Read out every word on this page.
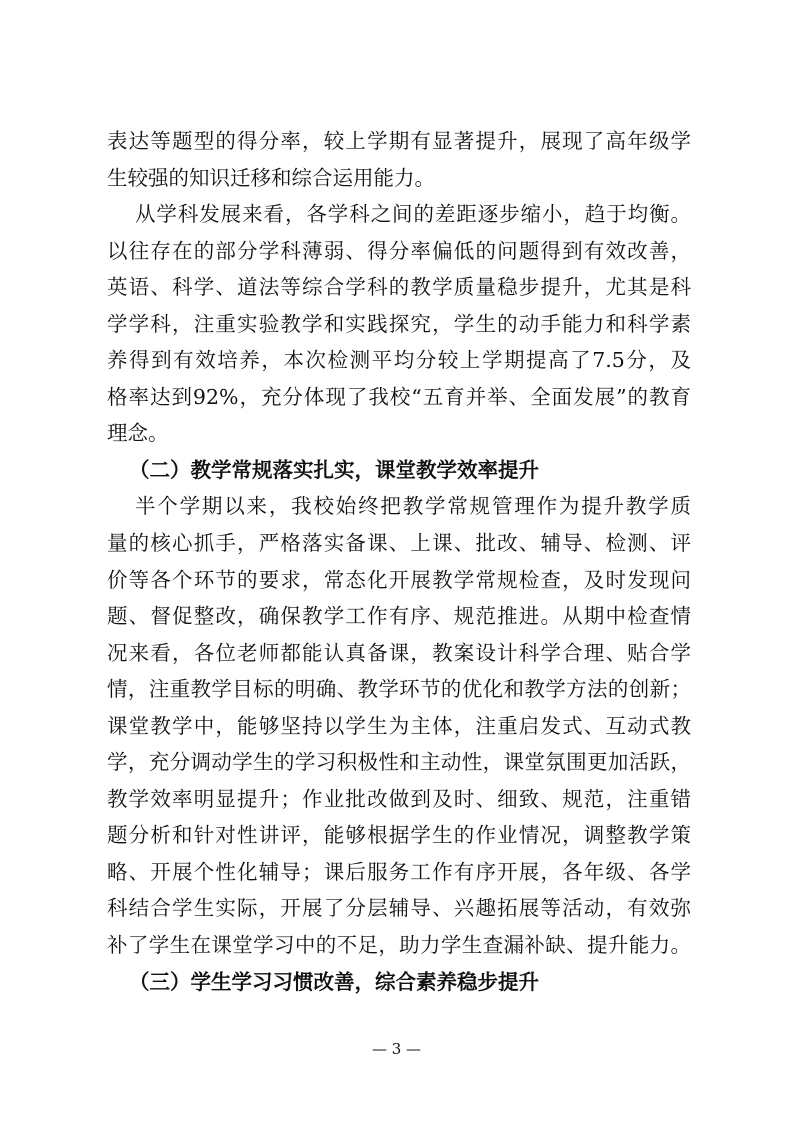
表达等题型的得分率，较上学期有显著提升，展现了高年级学
生较强的知识迁移和综合运用能力。
从学科发展来看，各学科之间的差距逐步缩小，趋于均衡。
以往存在的部分学科薄弱、得分率偏低的问题得到有效改善，
英语、科学、道法等综合学科的教学质量稳步提升，尤其是科
学学科，注重实验教学和实践探究，学生的动手能力和科学素
养得到有效培养，本次检测平均分较上学期提高了7.5分，及
格率达到92%，充分体现了我校“五育并举、全面发展”的教育
理念。
（二）教学常规落实扎实，课堂教学效率提升
半个学期以来，我校始终把教学常规管理作为提升教学质
量的核心抓手，严格落实备课、上课、批改、辅导、检测、评
价等各个环节的要求，常态化开展教学常规检查，及时发现问
题、督促整改，确保教学工作有序、规范推进。从期中检查情
况来看，各位老师都能认真备课，教案设计科学合理、贴合学
情，注重教学目标的明确、教学环节的优化和教学方法的创新；
课堂教学中，能够坚持以学生为主体，注重启发式、互动式教
学，充分调动学生的学习积极性和主动性，课堂氛围更加活跃，
教学效率明显提升；作业批改做到及时、细致、规范，注重错
题分析和针对性讲评，能够根据学生的作业情况，调整教学策
略、开展个性化辅导；课后服务工作有序开展，各年级、各学
科结合学生实际，开展了分层辅导、兴趣拓展等活动，有效弥
补了学生在课堂学习中的不足，助力学生查漏补缺、提升能力。
（三）学生学习习惯改善，综合素养稳步提升
— 3 —
